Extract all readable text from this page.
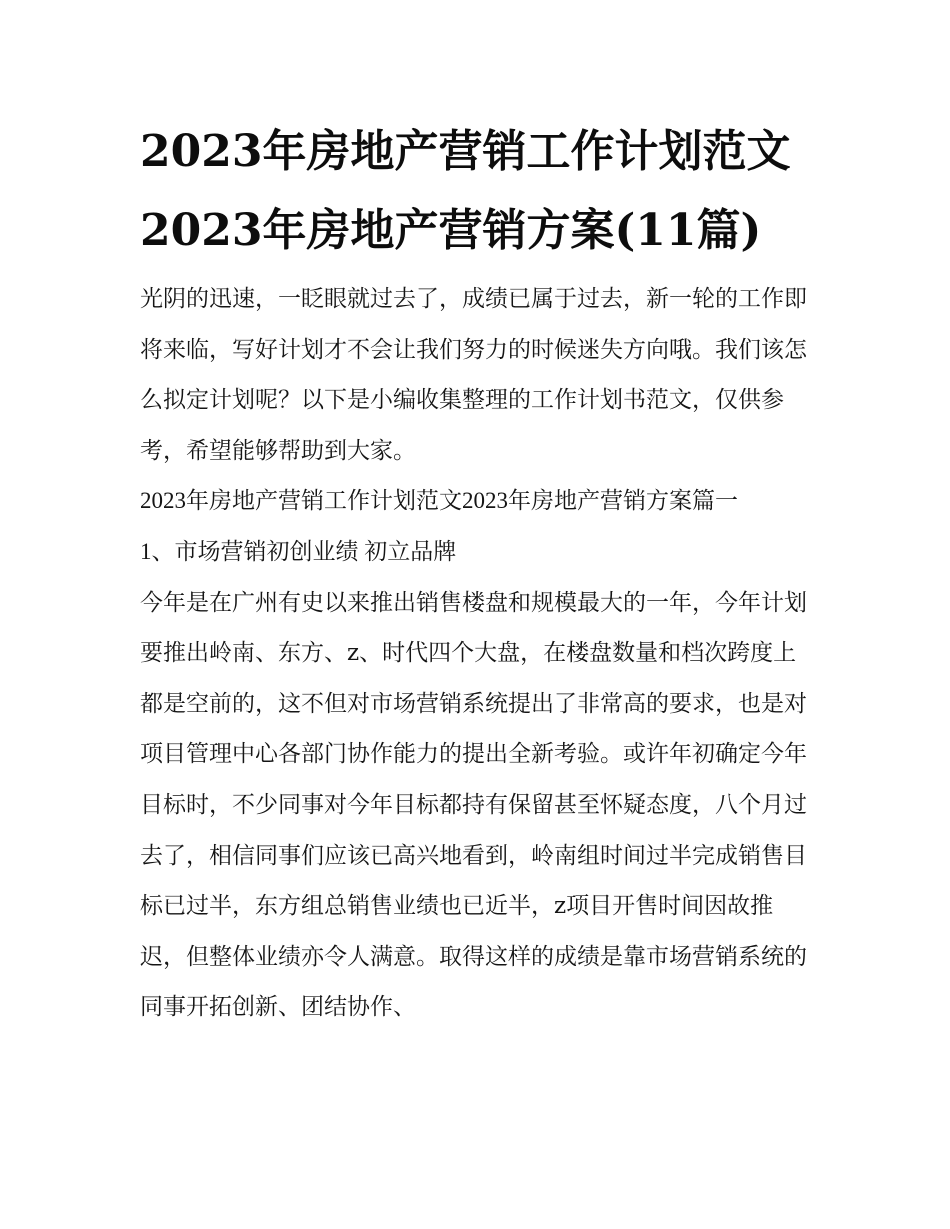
2023年房地产营销工作计划范文2023年房地产营销方案(11篇)

光阴的迅速，一眨眼就过去了，成绩已属于过去，新一轮的工作即将来临，写好计划才不会让我们努力的时候迷失方向哦。我们该怎么拟定计划呢？以下是小编收集整理的工作计划书范文，仅供参考，希望能够帮助到大家。

2023年房地产营销工作计划范文2023年房地产营销方案篇一

1、市场营销初创业绩 初立品牌

今年是在广州有史以来推出销售楼盘和规模最大的一年，今年计划要推出岭南、东方、z、时代四个大盘，在楼盘数量和档次跨度上都是空前的，这不但对市场营销系统提出了非常高的要求，也是对项目管理中心各部门协作能力的提出全新考验。或许年初确定今年目标时，不少同事对今年目标都持有保留甚至怀疑态度，八个月过去了，相信同事们应该已高兴地看到，岭南组时间过半完成销售目标已过半，东方组总销售业绩也已近半，z项目开售时间因故推迟，但整体业绩亦令人满意。取得这样的成绩是靠市场营销系统的同事开拓创新、团结协作、
